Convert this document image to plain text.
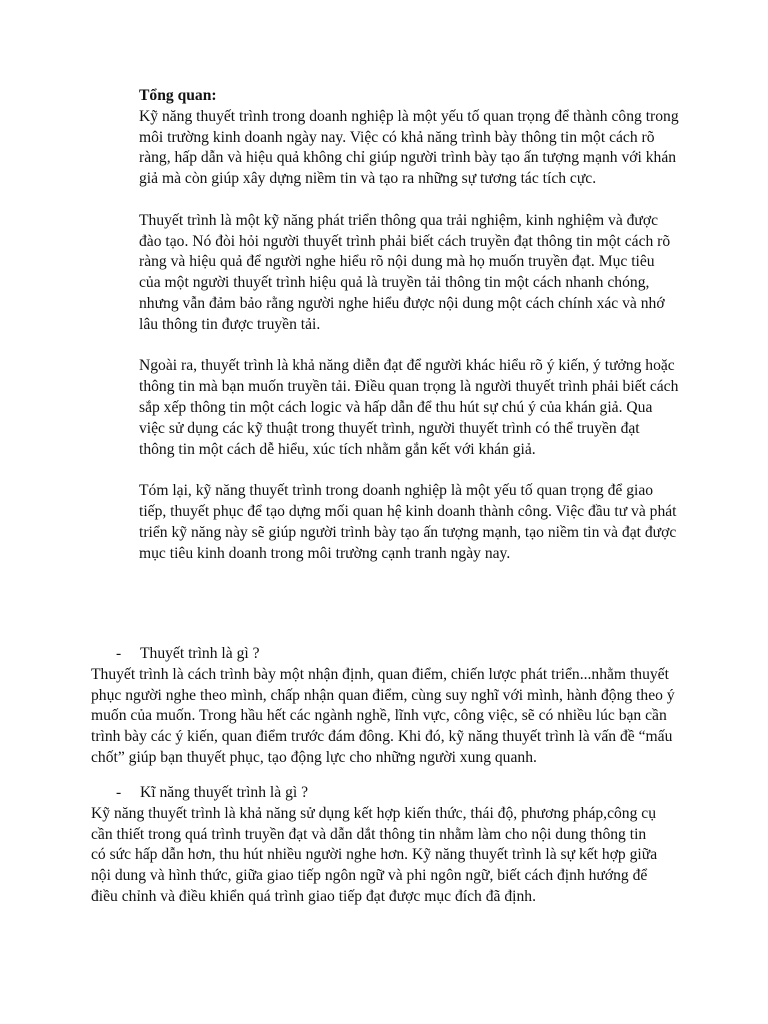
Tổng quan:
Kỹ năng thuyết trình trong doanh nghiệp là một yếu tố quan trọng để thành công trong môi trường kinh doanh ngày nay. Việc có khả năng trình bày thông tin một cách rõ ràng, hấp dẫn và hiệu quả không chỉ giúp người trình bày tạo ấn tượng mạnh với khán giả mà còn giúp xây dựng niềm tin và tạo ra những sự tương tác tích cực.

Thuyết trình là một kỹ năng phát triển thông qua trải nghiệm, kinh nghiệm và được đào tạo. Nó đòi hỏi người thuyết trình phải biết cách truyền đạt thông tin một cách rõ ràng và hiệu quả để người nghe hiểu rõ nội dung mà họ muốn truyền đạt. Mục tiêu của một người thuyết trình hiệu quả là truyền tải thông tin một cách nhanh chóng, nhưng vẫn đảm bảo rằng người nghe hiểu được nội dung một cách chính xác và nhớ lâu thông tin được truyền tải.

Ngoài ra, thuyết trình là khả năng diễn đạt để người khác hiểu rõ ý kiến, ý tưởng hoặc thông tin mà bạn muốn truyền tải. Điều quan trọng là người thuyết trình phải biết cách sắp xếp thông tin một cách logic và hấp dẫn để thu hút sự chú ý của khán giả. Qua việc sử dụng các kỹ thuật trong thuyết trình, người thuyết trình có thể truyền đạt thông tin một cách dễ hiểu, xúc tích nhằm gắn kết với khán giả.

Tóm lại, kỹ năng thuyết trình trong doanh nghiệp là một yếu tố quan trọng để giao tiếp, thuyết phục để tạo dựng mối quan hệ kinh doanh thành công. Việc đầu tư và phát triển kỹ năng này sẽ giúp người trình bày tạo ấn tượng mạnh, tạo niềm tin và đạt được mục tiêu kinh doanh trong môi trường cạnh tranh ngày nay.

- Thuyết trình là gì ?

Thuyết trình là cách trình bày một nhận định, quan điểm, chiến lược phát triển...nhằm thuyết phục người nghe theo mình, chấp nhận quan điểm, cùng suy nghĩ với mình, hành động theo ý muốn của muốn. Trong hầu hết các ngành nghề, lĩnh vực, công việc, sẽ có nhiều lúc bạn cần trình bày các ý kiến, quan điểm trước đám đông. Khi đó, kỹ năng thuyết trình là vấn đề “mấu chốt” giúp bạn thuyết phục, tạo động lực cho những người xung quanh.

- Kĩ năng thuyết trình là gì ?

Kỹ năng thuyết trình là khả năng sử dụng kết hợp kiến thức, thái độ, phương pháp,công cụ cần thiết trong quá trình truyền đạt và dẫn dắt thông tin nhằm làm cho nội dung thông tin có sức hấp dẫn hơn, thu hút nhiều người nghe hơn. Kỹ năng thuyết trình là sự kết hợp giữa nội dung và hình thức, giữa giao tiếp ngôn ngữ và phi ngôn ngữ, biết cách định hướng để điều chỉnh và điều khiển quá trình giao tiếp đạt được mục đích đã định.
